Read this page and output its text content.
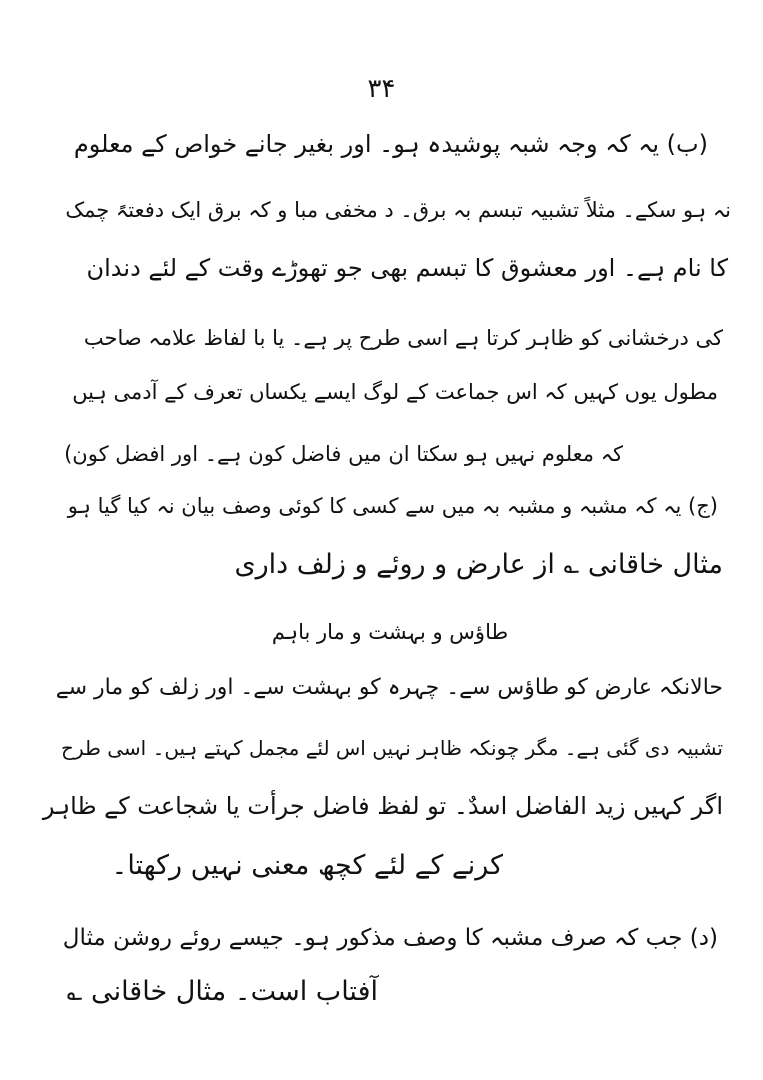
۳۴
(ب) یہ کہ وجہ شبہ پوشیدہ ہو۔ اور بغیر جانے خواص کے معلوم
نہ ہو سکے۔ مثلاً تشبیہ تبسم بہ برق۔ د مخفی مبا و کہ برق ایک دفعتہً چمک
کا نام ہے۔ اور معشوق کا تبسم بھی جو تھوڑے وقت کے لئے دندان
کی درخشانی کو ظاہر کرتا ہے اسی طرح پر ہے۔ یا با لفاظ علامہ صاحب
مطول یوں کہیں کہ اس جماعت کے لوگ ایسے یکساں تعرف کے آدمی ہیں
کہ معلوم نہیں ہو سکتا ان میں فاضل کون ہے۔ اور افضل کون)
(ج) یہ کہ مشبہ و مشبہ بہ میں سے کسی کا کوئی وصف بیان نہ کیا گیا ہو
مثال خاقانی ؎ از عارض و روئے و زلف داری
طاؤس و بہشت و مار باہم
حالانکہ عارض کو طاؤس سے۔ چہرہ کو بہشت سے۔ اور زلف کو مار سے
تشبیہ دی گئی ہے۔ مگر چونکہ ظاہر نہیں اس لئے مجمل کہتے ہیں۔ اسی طرح
اگر کہیں زید الفاضل اسدٌ۔ تو لفظ فاضل جرأت یا شجاعت کے ظاہر
کرنے کے لئے کچھ معنی نہیں رکھتا۔
(د) جب کہ صرف مشبہ کا وصف مذکور ہو۔ جیسے روئے روشن مثال
آفتاب است۔ مثال خاقانی ؎
